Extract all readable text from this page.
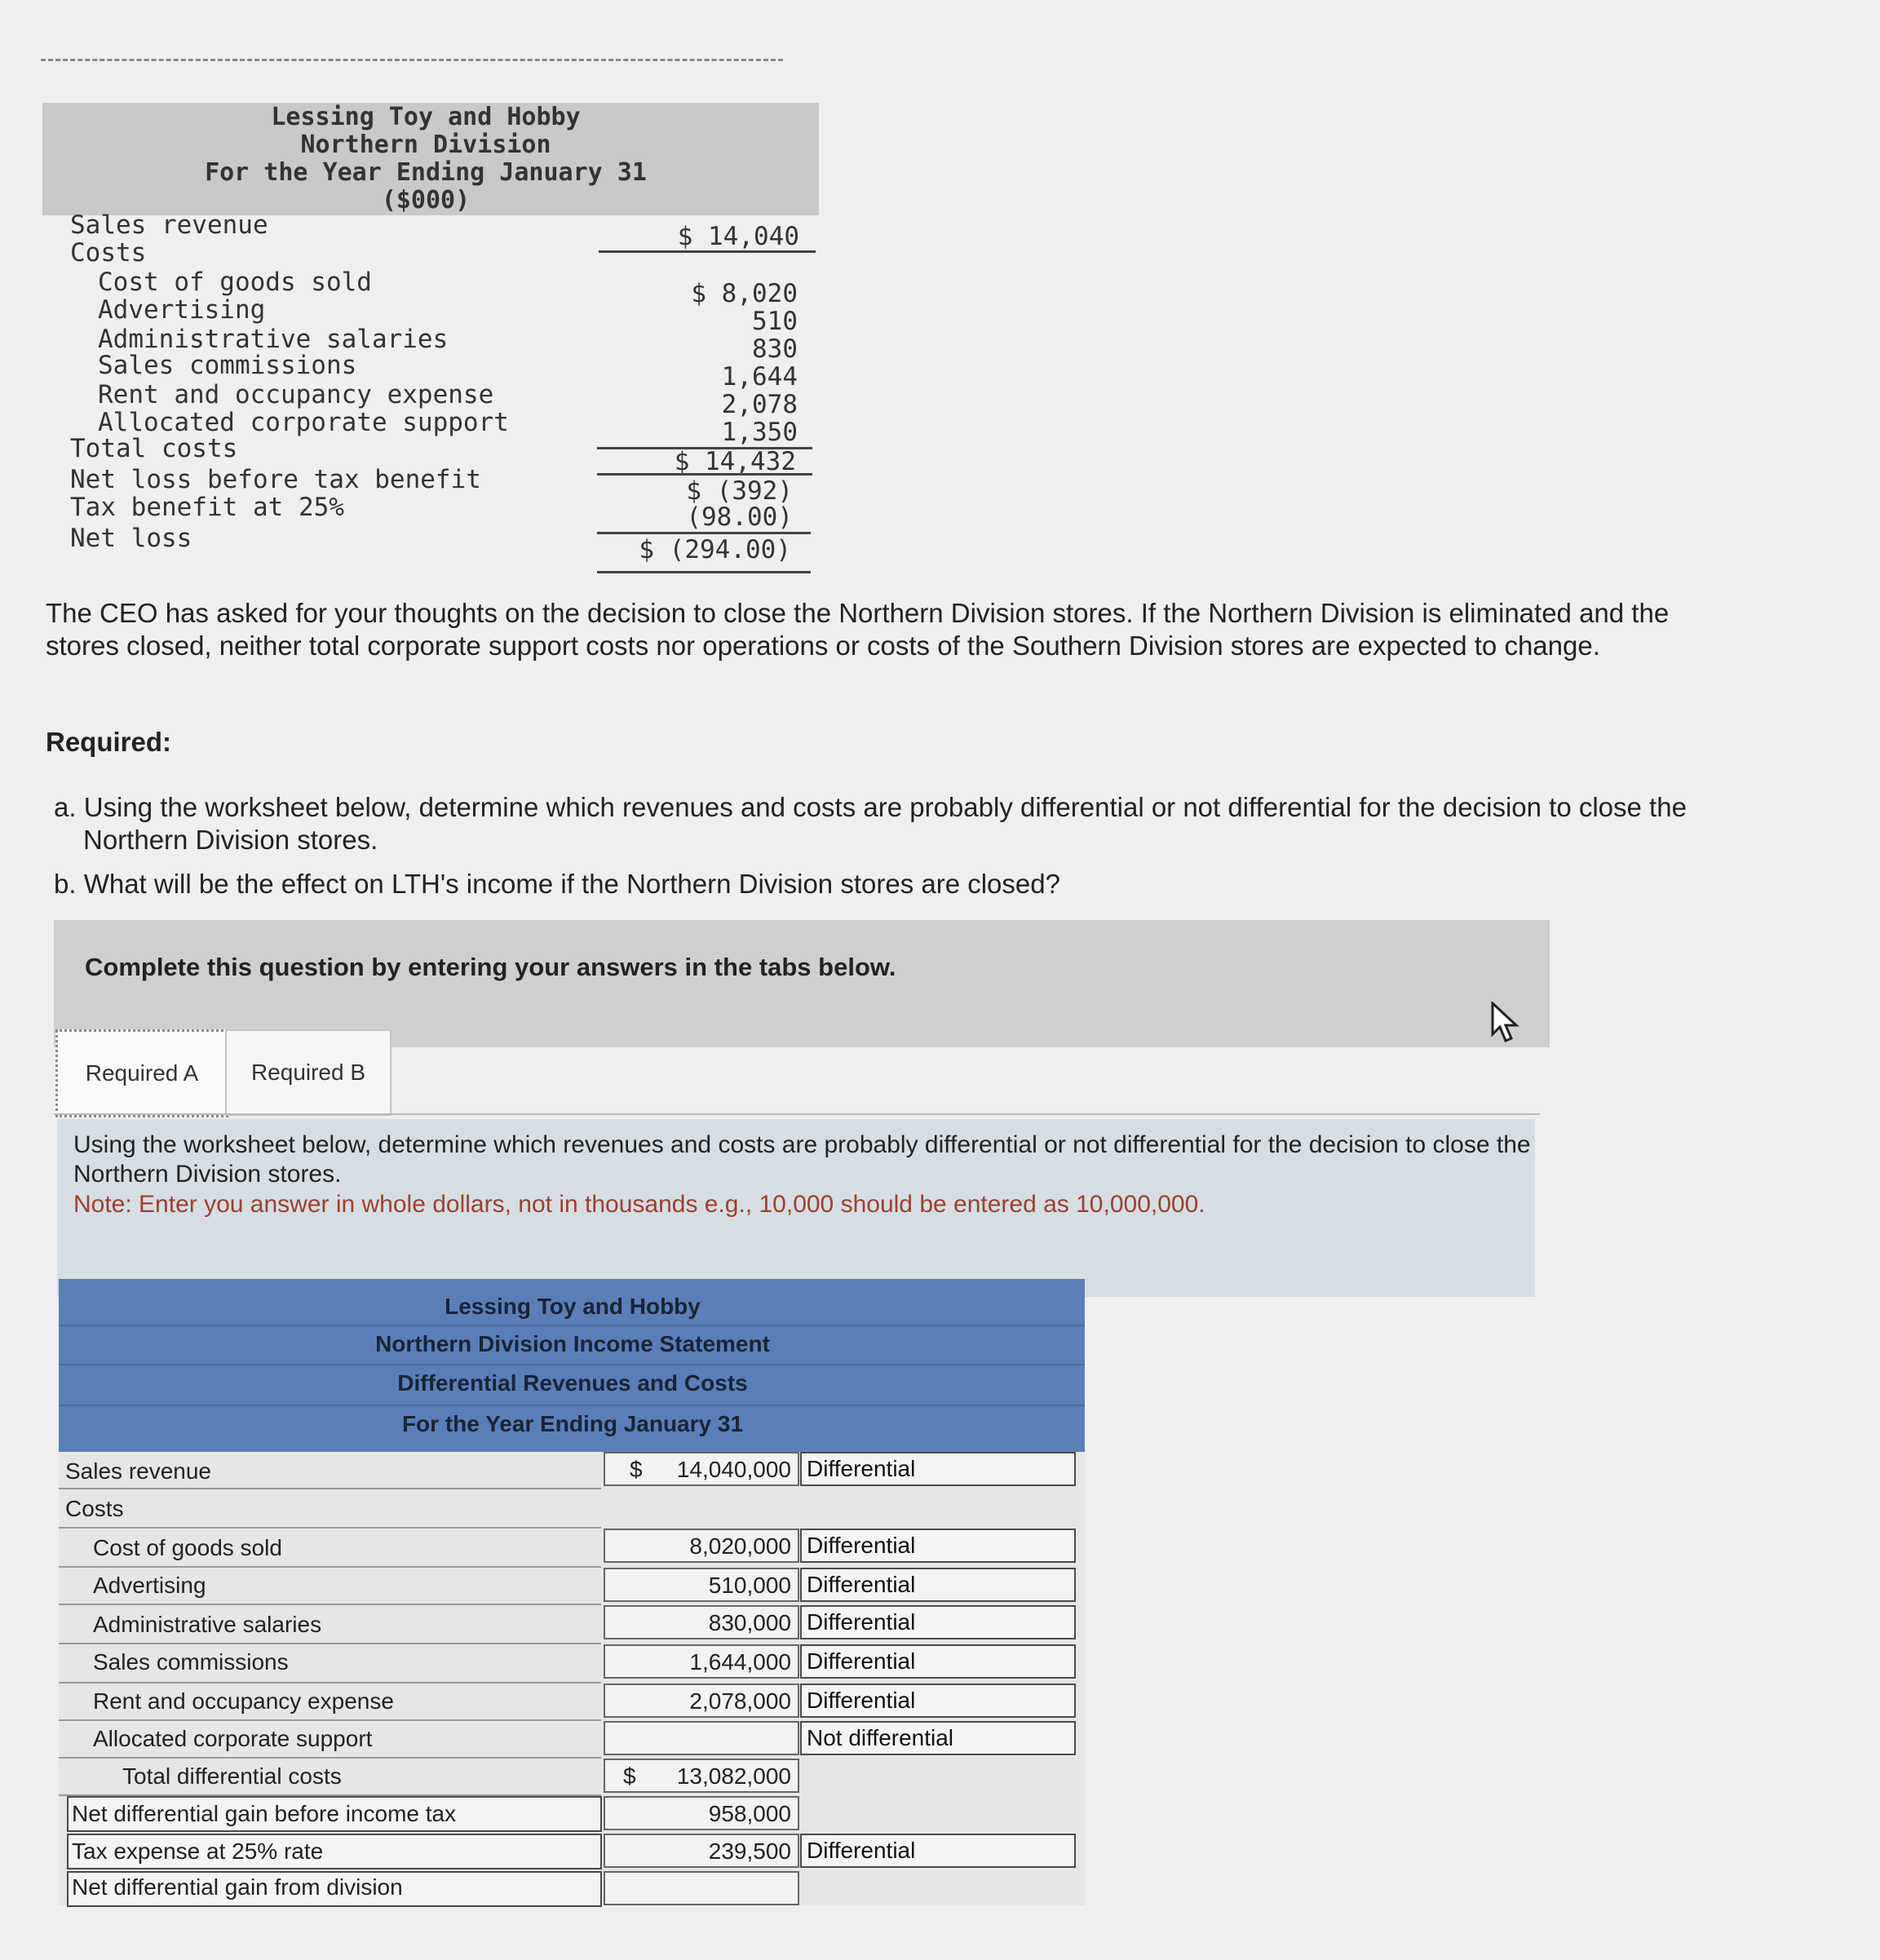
Lessing Toy and Hobby
Northern Division
For the Year Ending January 31
($000)
Sales revenue	$ 14,040
Costs
Cost of goods sold	$ 8,020
Advertising	510
Administrative salaries	830
Sales commissions	1,644
Rent and occupancy expense	2,078
Allocated corporate support	1,350
Total costs	$ 14,432
Net loss before tax benefit	$ (392)
Tax benefit at 25%	(98.00)
Net loss	$ (294.00)
The CEO has asked for your thoughts on the decision to close the Northern Division stores. If the Northern Division is eliminated and the stores closed, neither total corporate support costs nor operations or costs of the Southern Division stores are expected to change.
Required:
a. Using the worksheet below, determine which revenues and costs are probably differential or not differential for the decision to close the Northern Division stores.
b. What will be the effect on LTH's income if the Northern Division stores are closed?
Complete this question by entering your answers in the tabs below.
Required A	Required B
Using the worksheet below, determine which revenues and costs are probably differential or not differential for the decision to close the Northern Division stores.
Note: Enter you answer in whole dollars, not in thousands e.g., 10,000 should be entered as 10,000,000.
Lessing Toy and Hobby
Northern Division Income Statement
Differential Revenues and Costs
For the Year Ending January 31
Sales revenue	$	14,040,000 Differential
Costs
Cost of goods sold	8,020,000 Differential
Advertising	510,000 Differential
Administrative salaries	830,000 Differential
Sales commissions	1,644,000 Differential
Rent and occupancy expense	2,078,000 Differential
Allocated corporate support	Not differential
Total differential costs	$	13,082,000
Net differential gain before income tax	958,000
Tax expense at 25% rate	239,500 Differential
Net differential gain from division
